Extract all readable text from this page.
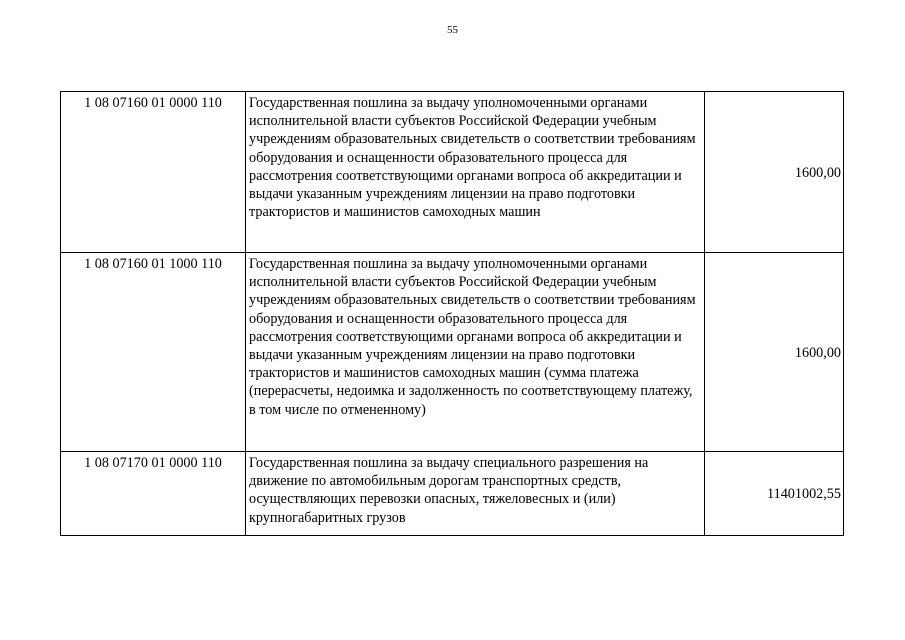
55
1 08 07160 01 0000 110	Государственная пошлина за выдачу уполномоченными органами исполнительной власти субъектов Российской Федерации учебным учреждениям образовательных свидетельств о соответствии требованиям оборудования и оснащенности образовательного процесса для рассмотрения соответствующими органами вопроса об аккредитации и выдачи указанным учреждениям лицензии на право подготовки трактористов и машинистов самоходных машин	1600,00
1 08 07160 01 1000 110	Государственная пошлина за выдачу уполномоченными органами исполнительной власти субъектов Российской Федерации учебным учреждениям образовательных свидетельств о соответствии требованиям оборудования и оснащенности образовательного процесса для рассмотрения соответствующими органами вопроса об аккредитации и выдачи указанным учреждениям лицензии на право подготовки трактористов и машинистов самоходных машин (сумма платежа (перерасчеты, недоимка и задолженность по соответствующему платежу, в том числе по отмененному)	1600,00
1 08 07170 01 0000 110	Государственная пошлина за выдачу специального разрешения на движение по автомобильным дорогам транспортных средств, осуществляющих перевозки опасных, тяжеловесных и (или) крупногабаритных грузов	11401002,55
